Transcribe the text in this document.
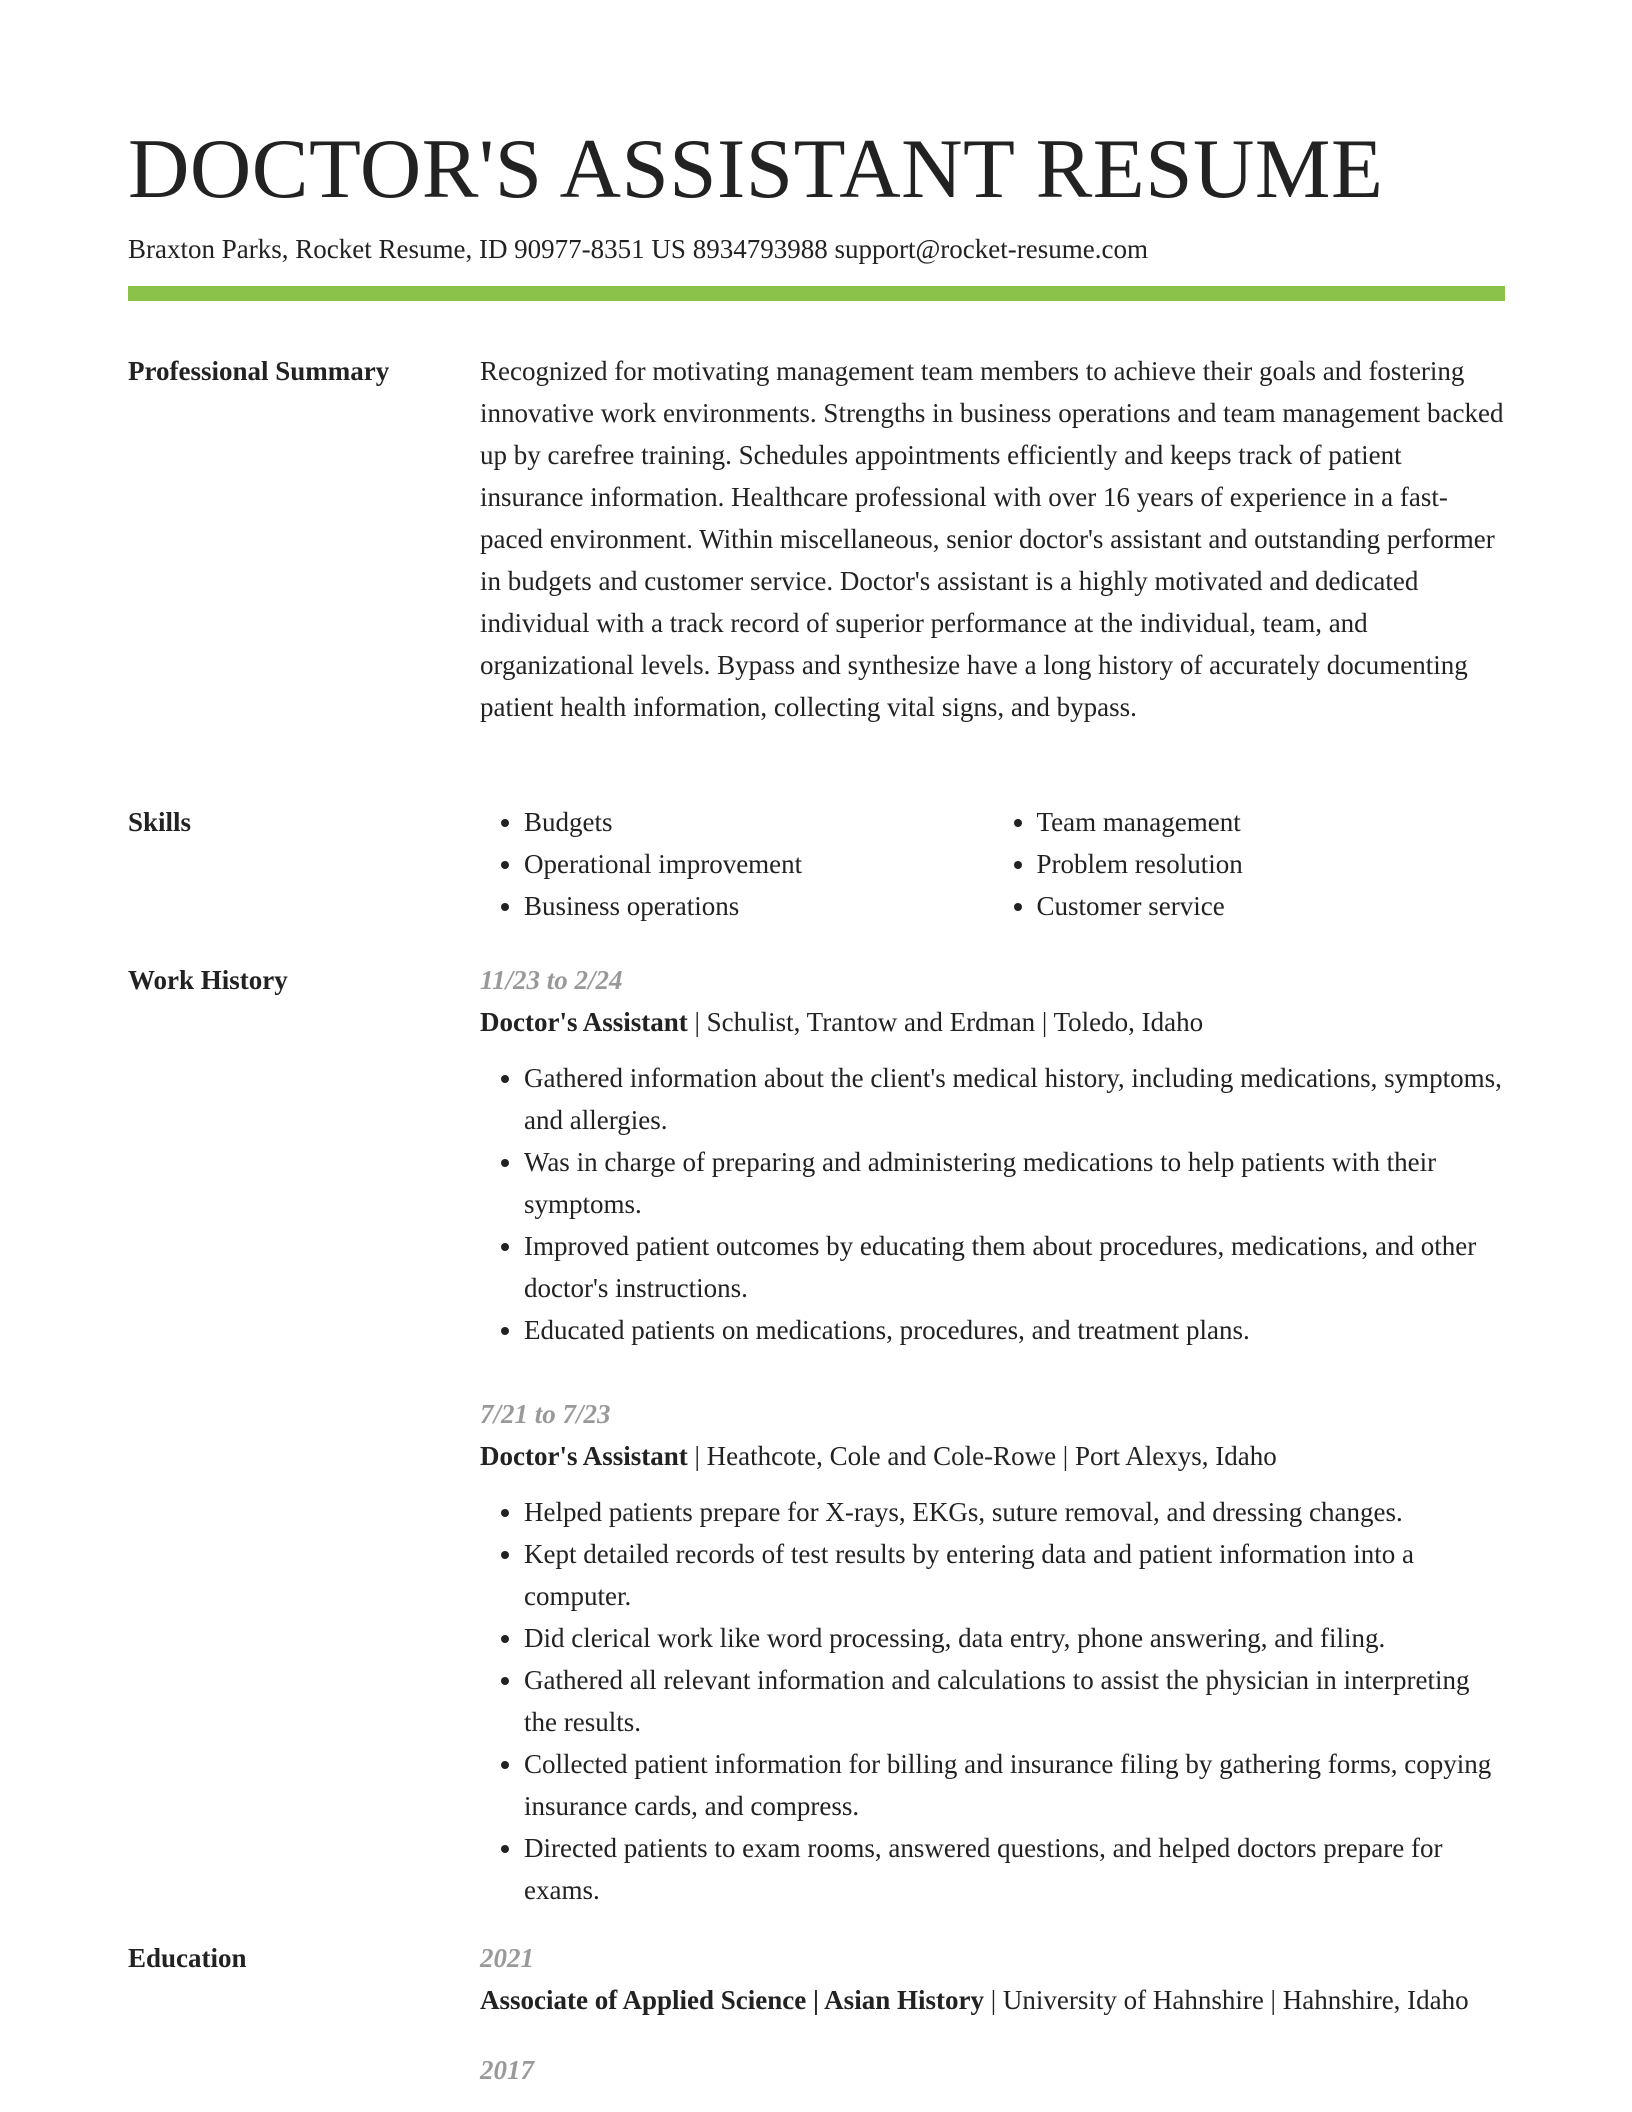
DOCTOR'S ASSISTANT RESUME
Braxton Parks, Rocket Resume, ID 90977-8351 US 8934793988 support@rocket-resume.com
Professional Summary	Recognized for motivating management team members to achieve their goals and fostering innovative work environments. Strengths in business operations and team management backed up by carefree training. Schedules appointments efficiently and keeps track of patient insurance information. Healthcare professional with over 16 years of experience in a fast-paced environment. Within miscellaneous, senior doctor's assistant and outstanding performer in budgets and customer service. Doctor's assistant is a highly motivated and dedicated individual with a track record of superior performance at the individual, team, and organizational levels. Bypass and synthesize have a long history of accurately documenting patient health information, collecting vital signs, and bypass.

Skills
•	Budgets
• Operational improvement
• Business operations
• Team management
• Problem resolution
• Customer service
Work History	11/23 to 2/24
Doctor's Assistant | Schulist, Trantow and Erdman | Toledo, Idaho
• Gathered information about the client's medical history, including medications, symptoms, and allergies.
• Was in charge of preparing and administering medications to help patients with their symptoms.
• Improved patient outcomes by educating them about procedures, medications, and other doctor's instructions.
• Educated patients on medications, procedures, and treatment plans.
7/21 to 7/23
Doctor's Assistant | Heathcote, Cole and Cole-Rowe | Port Alexys, Idaho
• Helped patients prepare for X-rays, EKGs, suture removal, and dressing changes.
• Kept detailed records of test results by entering data and patient information into a computer.
• Did clerical work like word processing, data entry, phone answering, and filing.
• Gathered all relevant information and calculations to assist the physician in interpreting the results.
• Collected patient information for billing and insurance filing by gathering forms, copying insurance cards, and compress.
• Directed patients to exam rooms, answered questions, and helped doctors prepare for exams.
Education	2021
Associate of Applied Science | Asian History | University of Hahnshire | Hahnshire, Idaho
2017
